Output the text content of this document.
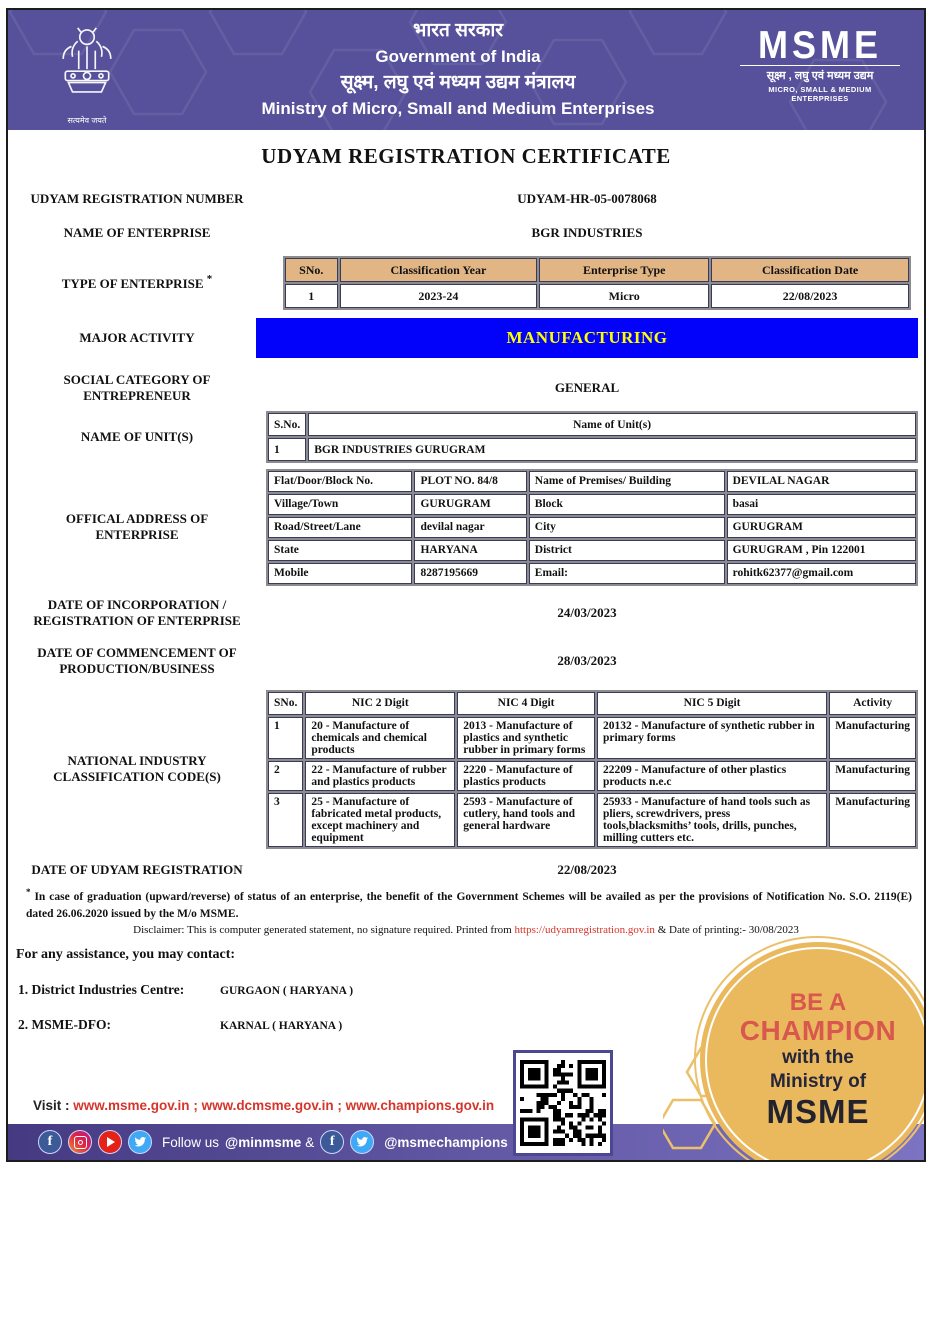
सत्यमेव जयते
भारत सरकार
Government of India
सूक्ष्म, लघु एवं मध्यम उद्यम मंत्रालय
Ministry of Micro, Small and Medium Enterprises
MSME
सूक्ष्म , लघु एवं मध्यम उद्यम
MICRO, SMALL & MEDIUM ENTERPRISES
UDYAM REGISTRATION CERTIFICATE
UDYAM REGISTRATION NUMBER	UDYAM-HR-05-0078068
NAME OF ENTERPRISE	BGR INDUSTRIES
TYPE OF ENTERPRISE *
SNo.	Classification Year	Enterprise Type	Classification Date
1	2023-24	Micro	22/08/2023
MAJOR ACTIVITY	MANUFACTURING
SOCIAL CATEGORY OF ENTREPRENEUR
GENERAL
NAME OF UNIT(S)
S.No.	Name of Unit(s)
1	BGR INDUSTRIES GURUGRAM
OFFICAL ADDRESS OF ENTERPRISE
Flat/Door/Block No.	PLOT NO. 84/8	Name of Premises/ Building	DEVILAL NAGAR
Village/Town	GURUGRAM	Block	basai
Road/Street/Lane	devilal nagar	City	GURUGRAM
State	HARYANA	District	GURUGRAM , Pin 122001
Mobile	8287195669	Email:	rohitk62377@gmail.com
DATE OF INCORPORATION / REGISTRATION OF ENTERPRISE
24/03/2023
DATE OF COMMENCEMENT OF PRODUCTION/BUSINESS
28/03/2023
NATIONAL INDUSTRY CLASSIFICATION CODE(S)
SNo.	NIC 2 Digit	NIC 4 Digit	NIC 5 Digit	Activity
1	20 - Manufacture of chemicals and chemical products	2013 - Manufacture of plastics and synthetic rubber in primary forms	20132 - Manufacture of synthetic rubber in primary forms	Manufacturing
2	22 - Manufacture of rubber and plastics products	2220 - Manufacture of plastics products	22209 - Manufacture of other plastics products n.e.c	Manufacturing
3	25 - Manufacture of fabricated metal products, except machinery and equipment	2593 - Manufacture of cutlery, hand tools and general hardware	25933 - Manufacture of hand tools such as pliers, screwdrivers, press tools,blacksmiths’ tools, drills, punches, milling cutters etc.	Manufacturing
DATE OF UDYAM REGISTRATION	22/08/2023
* In case of graduation (upward/reverse) of status of an enterprise, the benefit of the Government Schemes will be availed as per the provisions of Notification No. S.O. 2119(E) dated 26.06.2020 issued by the M/o MSME.
Disclaimer: This is computer generated statement, no signature required. Printed from https://udyamregistration.gov.in & Date of printing:- 30/08/2023
For any assistance, you may contact:
1. District Industries Centre:	GURGAON ( HARYANA )
2. MSME-DFO:	KARNAL ( HARYANA )
Visit : www.msme.gov.in ; www.dcmsme.gov.in ; www.champions.gov.in
BE A
CHAMPION
with the
Ministry of
MSME
f	Follow us @minmsme &	f	@msmechampions
